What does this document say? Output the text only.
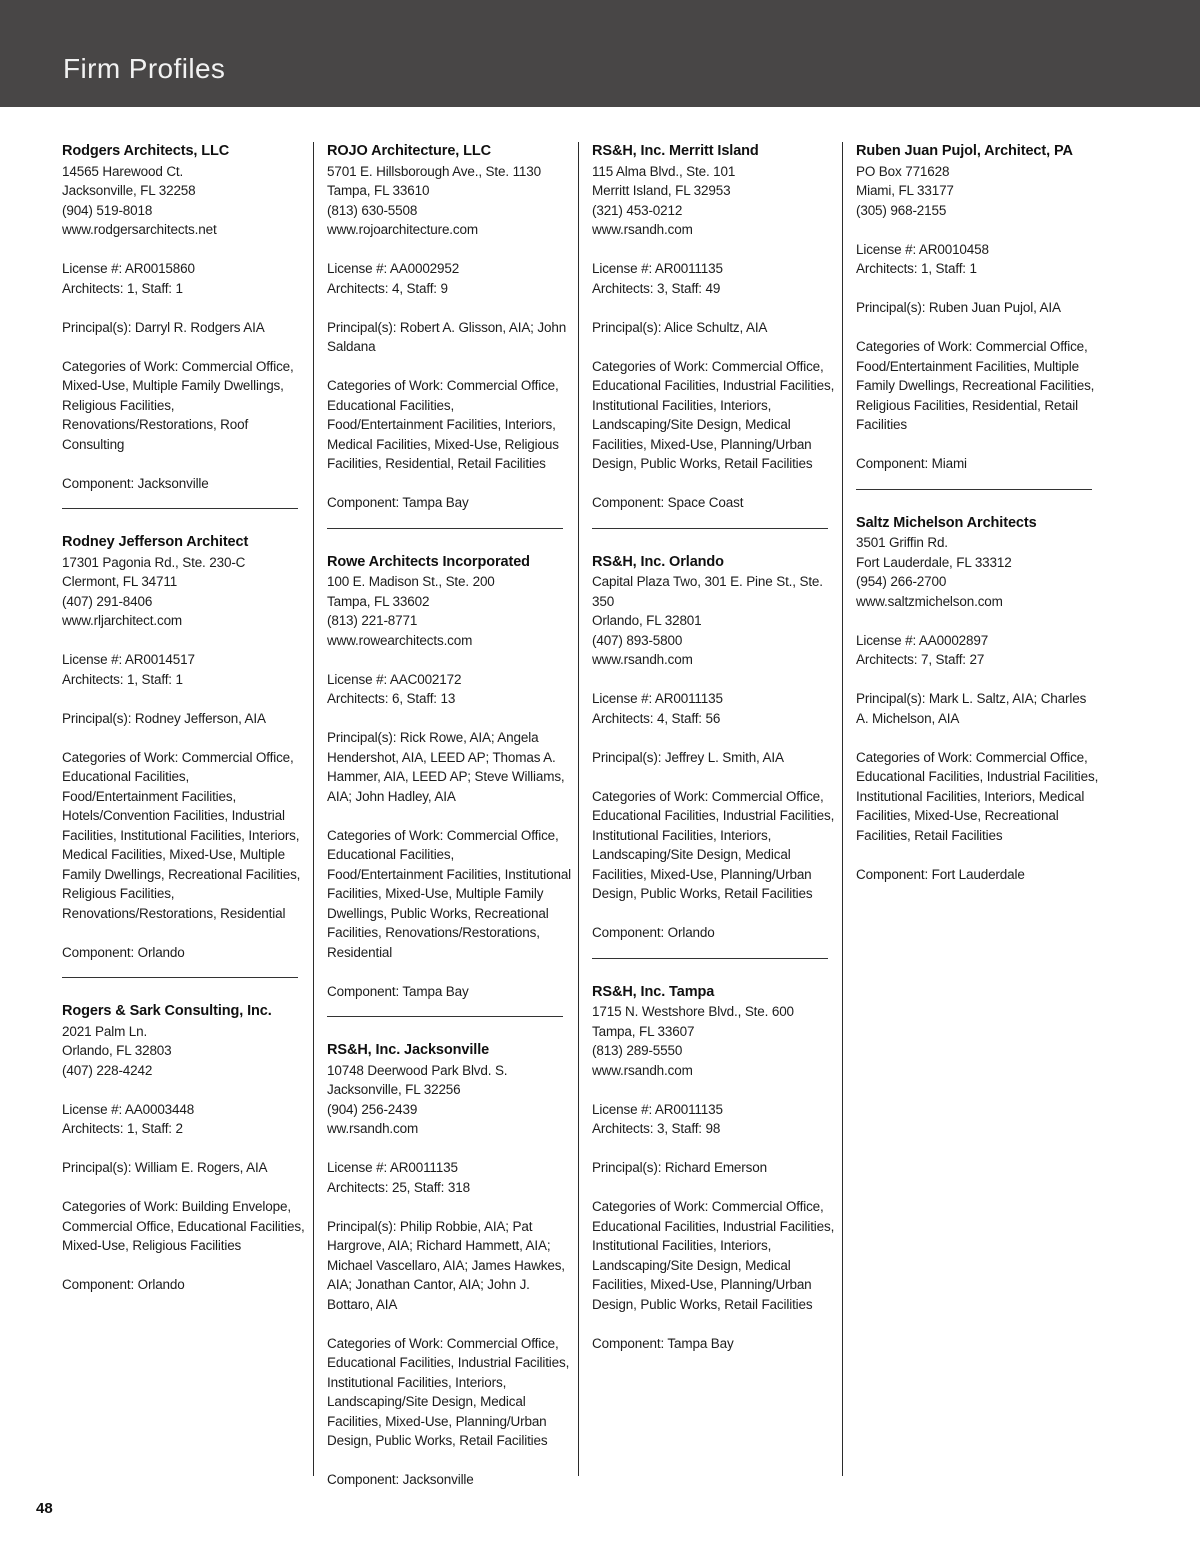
Firm Profiles
Rodgers Architects, LLC
14565 Harewood Ct.
Jacksonville, FL 32258
(904) 519-8018
www.rodgersarchitects.net
License #: AR0015860
Architects: 1, Staff: 1
Principal(s): Darryl R. Rodgers AIA
Categories of Work: Commercial Office, Mixed-Use, Multiple Family Dwellings, Religious Facilities, Renovations/Restorations, Roof Consulting
Component: Jacksonville
Rodney Jefferson Architect
17301 Pagonia Rd., Ste. 230-C
Clermont, FL 34711
(407) 291-8406
www.rljarchitect.com
License #: AR0014517
Architects: 1, Staff: 1
Principal(s): Rodney Jefferson, AIA
Categories of Work: Commercial Office, Educational Facilities, Food/Entertainment Facilities, Hotels/Convention Facilities, Industrial Facilities, Institutional Facilities, Interiors, Medical Facilities, Mixed-Use, Multiple Family Dwellings, Recreational Facilities, Religious Facilities, Renovations/Restorations, Residential
Component: Orlando
Rogers & Sark Consulting, Inc.
2021 Palm Ln.
Orlando, FL 32803
(407) 228-4242
License #: AA0003448
Architects: 1, Staff: 2
Principal(s): William E. Rogers, AIA
Categories of Work: Building Envelope, Commercial Office, Educational Facilities, Mixed-Use, Religious Facilities
Component: Orlando
ROJO Architecture, LLC
5701 E. Hillsborough Ave., Ste. 1130
Tampa, FL 33610
(813) 630-5508
www.rojoarchitecture.com
License #: AA0002952
Architects: 4, Staff: 9
Principal(s): Robert A. Glisson, AIA; John Saldana
Categories of Work: Commercial Office, Educational Facilities, Food/Entertainment Facilities, Interiors, Medical Facilities, Mixed-Use, Religious Facilities, Residential, Retail Facilities
Component: Tampa Bay
Rowe Architects Incorporated
100 E. Madison St., Ste. 200
Tampa, FL 33602
(813) 221-8771
www.rowearchitects.com
License #: AAC002172
Architects: 6, Staff: 13
Principal(s): Rick Rowe, AIA; Angela Hendershot, AIA, LEED AP; Thomas A. Hammer, AIA, LEED AP; Steve Williams, AIA; John Hadley, AIA
Categories of Work: Commercial Office, Educational Facilities, Food/Entertainment Facilities, Institutional Facilities, Mixed-Use, Multiple Family Dwellings, Public Works, Recreational Facilities, Renovations/Restorations, Residential
Component: Tampa Bay
RS&H, Inc. Jacksonville
10748 Deerwood Park Blvd. S.
Jacksonville, FL 32256
(904) 256-2439
ww.rsandh.com
License #: AR0011135
Architects: 25, Staff: 318
Principal(s): Philip Robbie, AIA; Pat Hargrove, AIA; Richard Hammett, AIA; Michael Vascellaro, AIA; James Hawkes, AIA; Jonathan Cantor, AIA; John J. Bottaro, AIA
Categories of Work: Commercial Office, Educational Facilities, Industrial Facilities, Institutional Facilities, Interiors, Landscaping/Site Design, Medical Facilities, Mixed-Use, Planning/Urban Design, Public Works, Retail Facilities
Component: Jacksonville
RS&H, Inc. Merritt Island
115 Alma Blvd., Ste. 101
Merritt Island, FL 32953
(321) 453-0212
www.rsandh.com
License #: AR0011135
Architects: 3, Staff: 49
Principal(s): Alice Schultz, AIA
Categories of Work: Commercial Office, Educational Facilities, Industrial Facilities, Institutional Facilities, Interiors, Landscaping/Site Design, Medical Facilities, Mixed-Use, Planning/Urban Design, Public Works, Retail Facilities
Component: Space Coast
RS&H, Inc. Orlando
Capital Plaza Two, 301 E. Pine St., Ste. 350
Orlando, FL 32801
(407) 893-5800
www.rsandh.com
License #: AR0011135
Architects: 4, Staff: 56
Principal(s): Jeffrey L. Smith, AIA
Categories of Work: Commercial Office, Educational Facilities, Industrial Facilities, Institutional Facilities, Interiors, Landscaping/Site Design, Medical Facilities, Mixed-Use, Planning/Urban Design, Public Works, Retail Facilities
Component: Orlando
RS&H, Inc. Tampa
1715 N. Westshore Blvd., Ste. 600
Tampa, FL 33607
(813) 289-5550
www.rsandh.com
License #: AR0011135
Architects: 3, Staff: 98
Principal(s): Richard Emerson
Categories of Work: Commercial Office, Educational Facilities, Industrial Facilities, Institutional Facilities, Interiors, Landscaping/Site Design, Medical Facilities, Mixed-Use, Planning/Urban Design, Public Works, Retail Facilities
Component: Tampa Bay
Ruben Juan Pujol, Architect, PA
PO Box 771628
Miami, FL 33177
(305) 968-2155
License #: AR0010458
Architects: 1, Staff: 1
Principal(s): Ruben Juan Pujol, AIA
Categories of Work: Commercial Office, Food/Entertainment Facilities, Multiple Family Dwellings, Recreational Facilities, Religious Facilities, Residential, Retail Facilities
Component: Miami
Saltz Michelson Architects
3501 Griffin Rd.
Fort Lauderdale, FL 33312
(954) 266-2700
www.saltzmichelson.com
License #: AA0002897
Architects: 7, Staff: 27
Principal(s): Mark L. Saltz, AIA; Charles A. Michelson, AIA
Categories of Work: Commercial Office, Educational Facilities, Industrial Facilities, Institutional Facilities, Interiors, Medical Facilities, Mixed-Use, Recreational Facilities, Retail Facilities
Component: Fort Lauderdale
48
